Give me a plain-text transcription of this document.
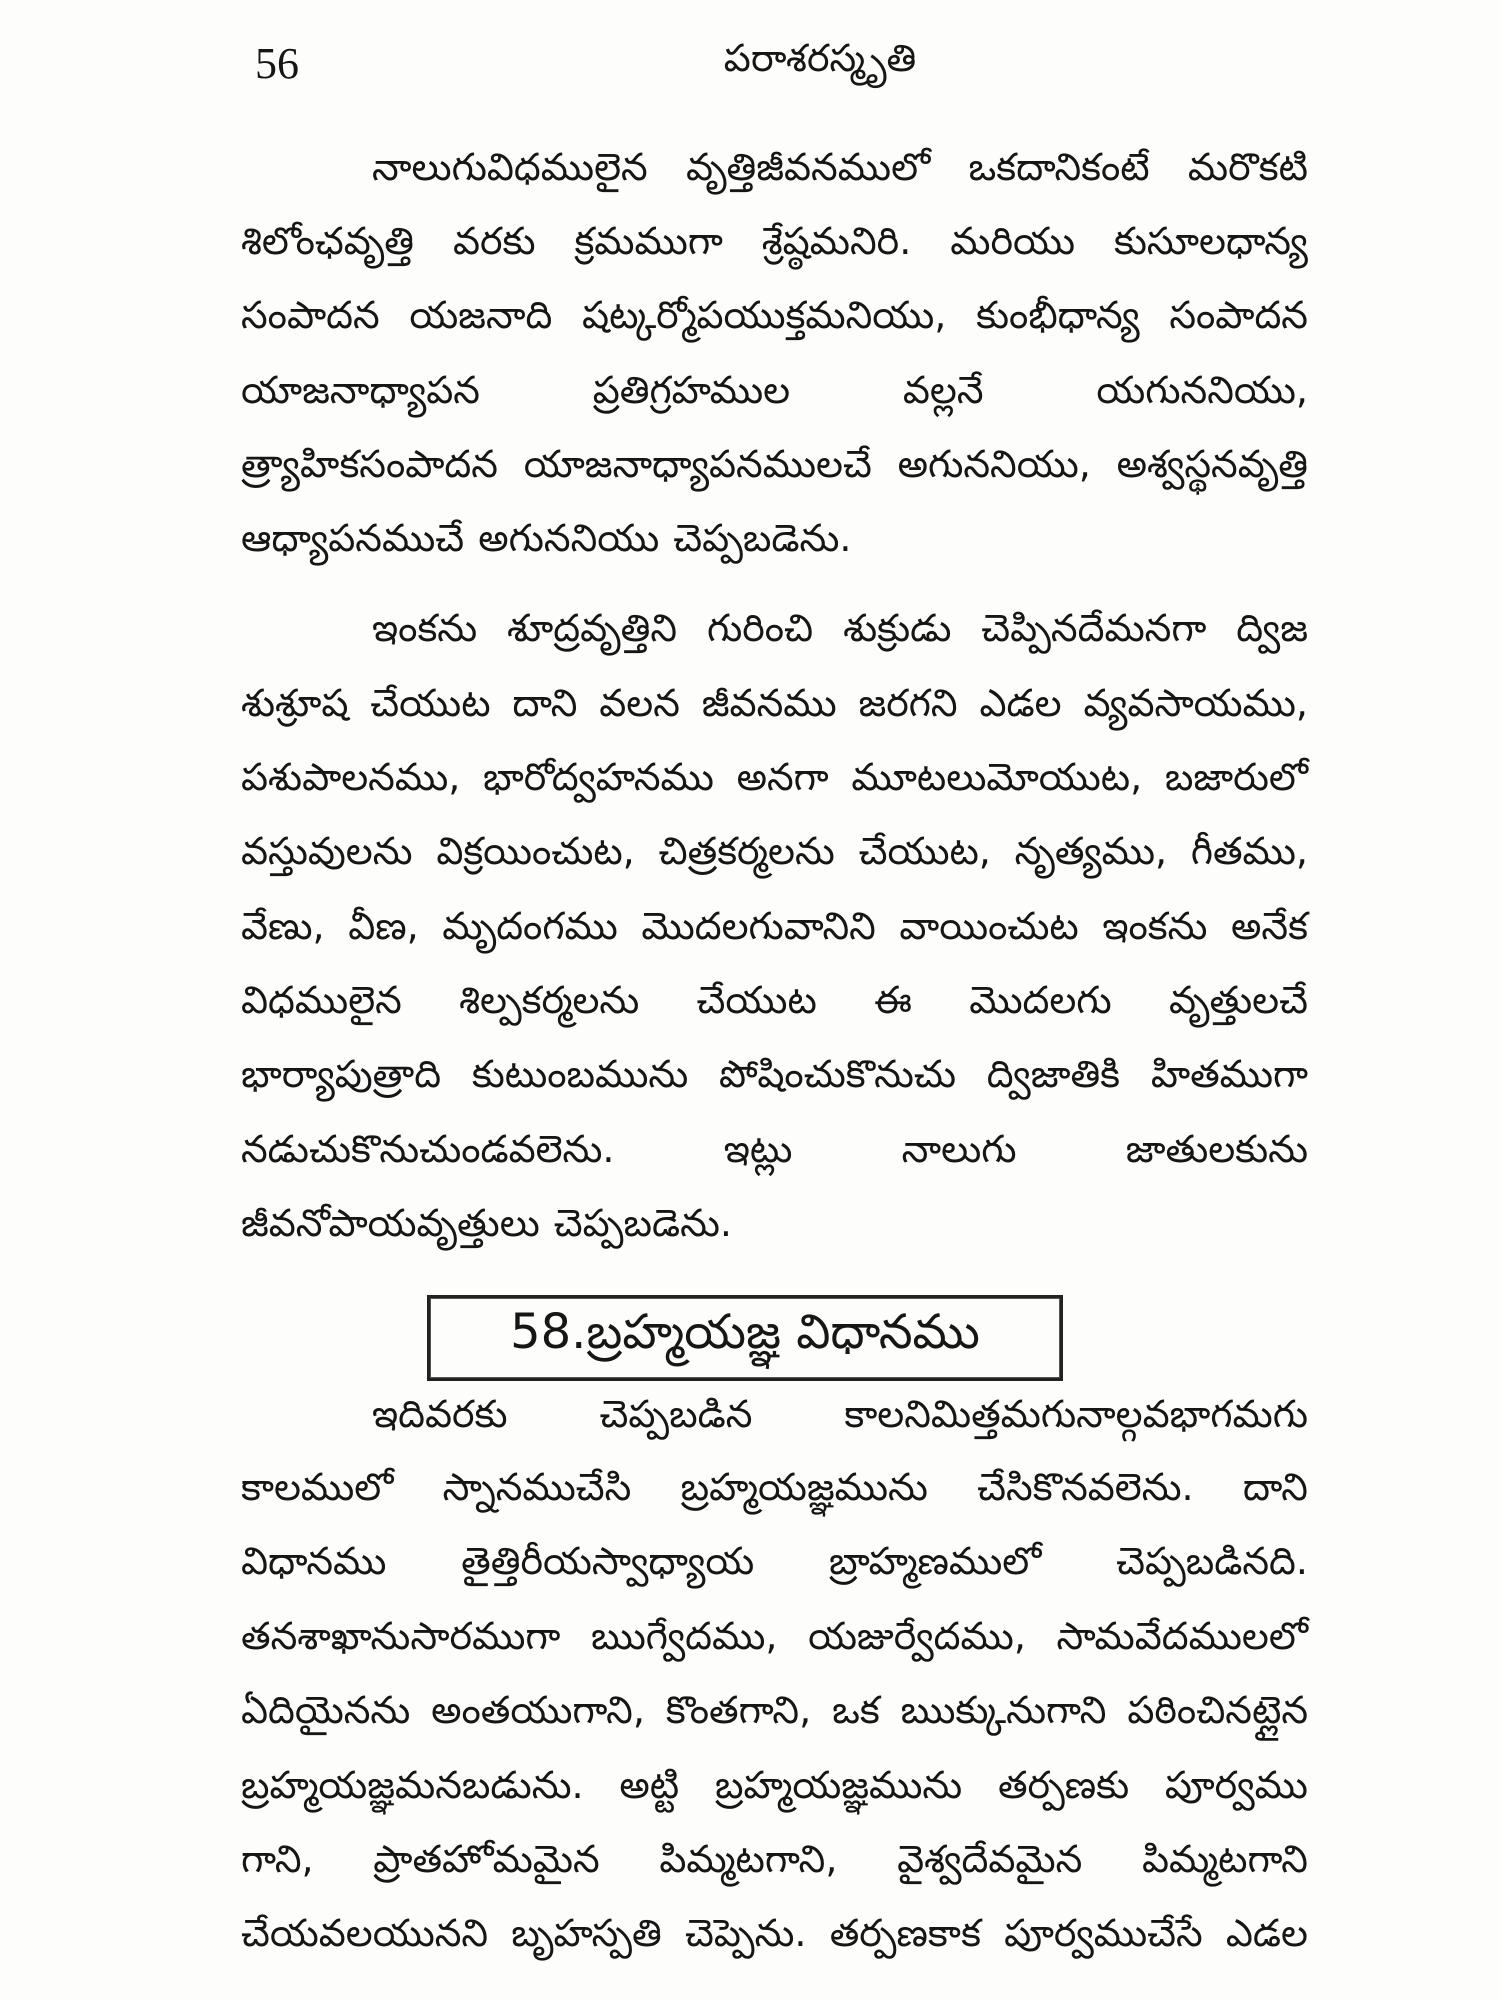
56	పరాశరస్మృతి
నాలుగువిధములైన వృత్తిజీవనములో ఒకదానికంటే మరొకటి
శిలోంఛవృత్తి వరకు క్రమముగా శ్రేష్ఠమనిరి. మరియు కుసూలధాన్య
సంపాదన యజనాది షట్కర్మోపయుక్తమనియు, కుంభీధాన్య సంపాదన
యాజనాధ్యాపన	ప్రతిగ్రహముల	వల్లనే	యగుననియు,
త్ర్యాహికసంపాదన యాజనాధ్యాపనములచే అగుననియు, అశ్వస్థనవృత్తి
ఆధ్యాపనముచే అగుననియు చెప్పబడెను.
ఇంకను శూద్రవృత్తిని గురించి శుక్రుడు చెప్పినదేమనగా ద్విజ
శుశ్రూష చేయుట దాని వలన జీవనము జరగని ఎడల వ్యవసాయము,
పశుపాలనము, భారోద్వహనము అనగా మూటలుమోయుట, బజారులో
వస్తువులను విక్రయించుట, చిత్రకర్మలను చేయుట, నృత్యము, గీతము,
వేణు, వీణ, మృదంగము మొదలగువానిని వాయించుట ఇంకను అనేక
విధములైన శిల్పకర్మలను చేయుట ఈ మొదలగు వృత్తులచే
భార్యాపుత్రాది కుటుంబమును పోషించుకొనుచు ద్విజాతికి హితముగా
నడుచుకొనుచుండవలెను.	ఇట్లు	నాలుగు	జాతులకును
జీవనోపాయవృత్తులు చెప్పబడెను.
ఇదివరకు చెప్పబడిన కాలనిమిత్తమగునాల్గవభాగమగు
కాలములో స్నానముచేసి బ్రహ్మయజ్ఞమును చేసికొనవలెను. దాని
విధానము తైత్తిరీయస్వాధ్యాయ బ్రాహ్మణములో చెప్పబడినది.
తనశాఖానుసారముగా ఋగ్వేదము, యజుర్వేదము, సామవేదములలో
ఏదియైనను అంతయుగాని, కొంతగాని, ఒక ఋక్కునుగాని పఠించినట్లైన
బ్రహ్మయజ్ఞమనబడును. అట్టి బ్రహ్మయజ్ఞమును తర్పణకు పూర్వము
గాని, ప్రాతహోమమైన పిమ్మటగాని, వైశ్వదేవమైన పిమ్మటగాని
చేయవలయునని బృహస్పతి చెప్పెను. తర్పణకాక పూర్వముచేసే ఎడల
58.బ్రహ్మయజ్ఞ విధానము
